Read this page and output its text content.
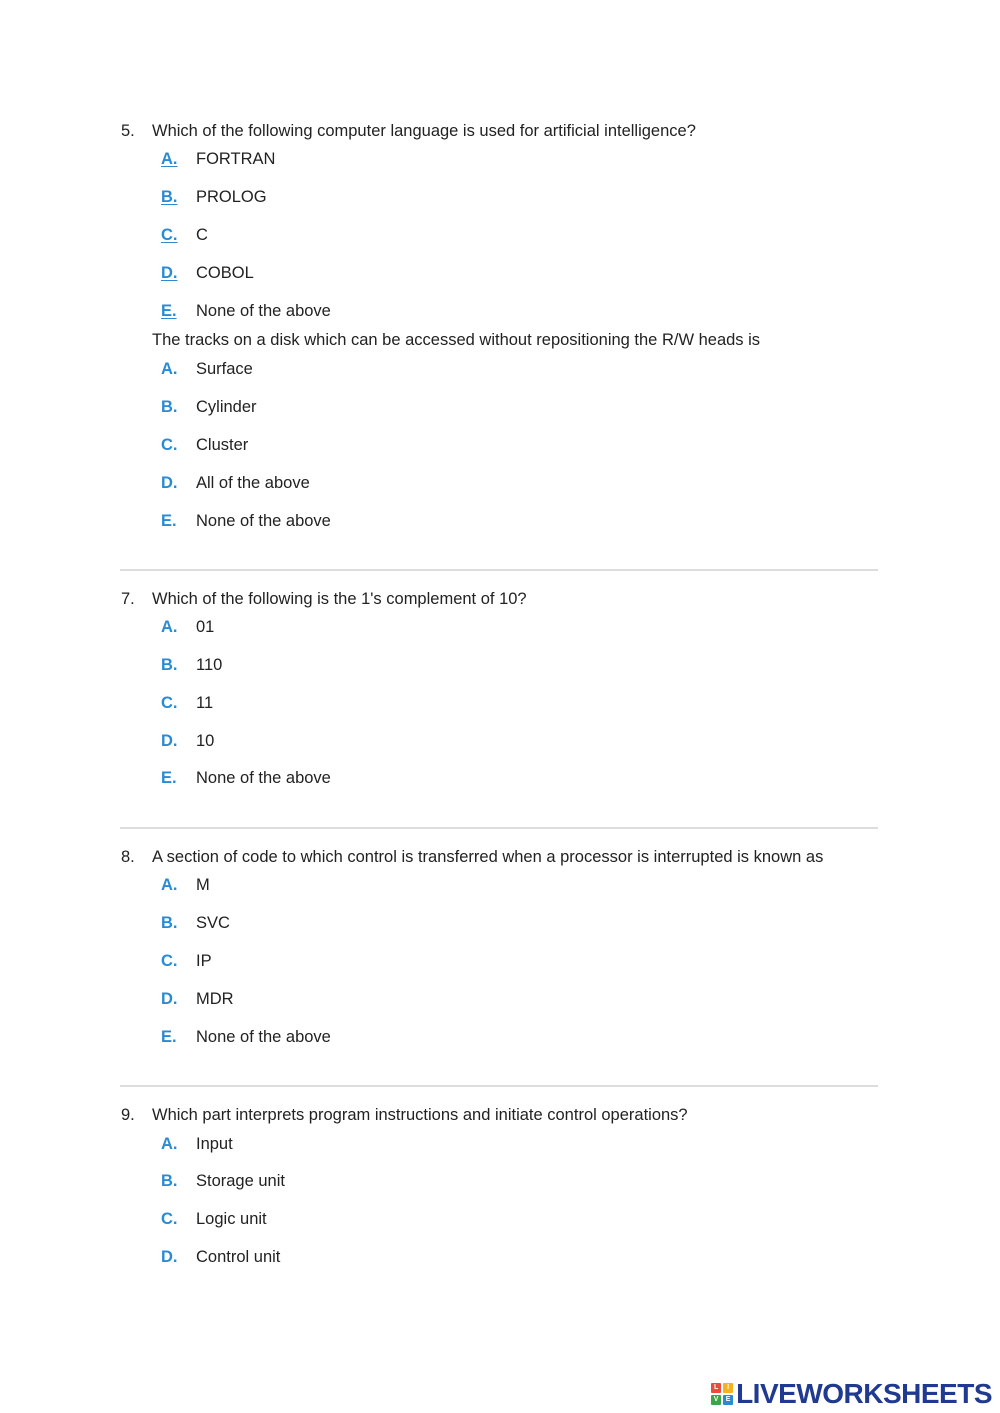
5. Which of the following computer language is used for artificial intelligence?
A. FORTRAN
B. PROLOG
C. C
D. COBOL
E. None of the above
The tracks on a disk which can be accessed without repositioning the R/W heads is
A. Surface
B. Cylinder
C. Cluster
D. All of the above
E. None of the above
7. Which of the following is the 1's complement of 10?
A. 01
B. 110
C. 11
D. 10
E. None of the above
8. A section of code to which control is transferred when a processor is interrupted is known as
A. M
B. SVC
C. IP
D. MDR
E. None of the above
9. Which part interprets program instructions and initiate control operations?
A. Input
B. Storage unit
C. Logic unit
D. Control unit
L	I
V	E LIVEWORKSHEETS
